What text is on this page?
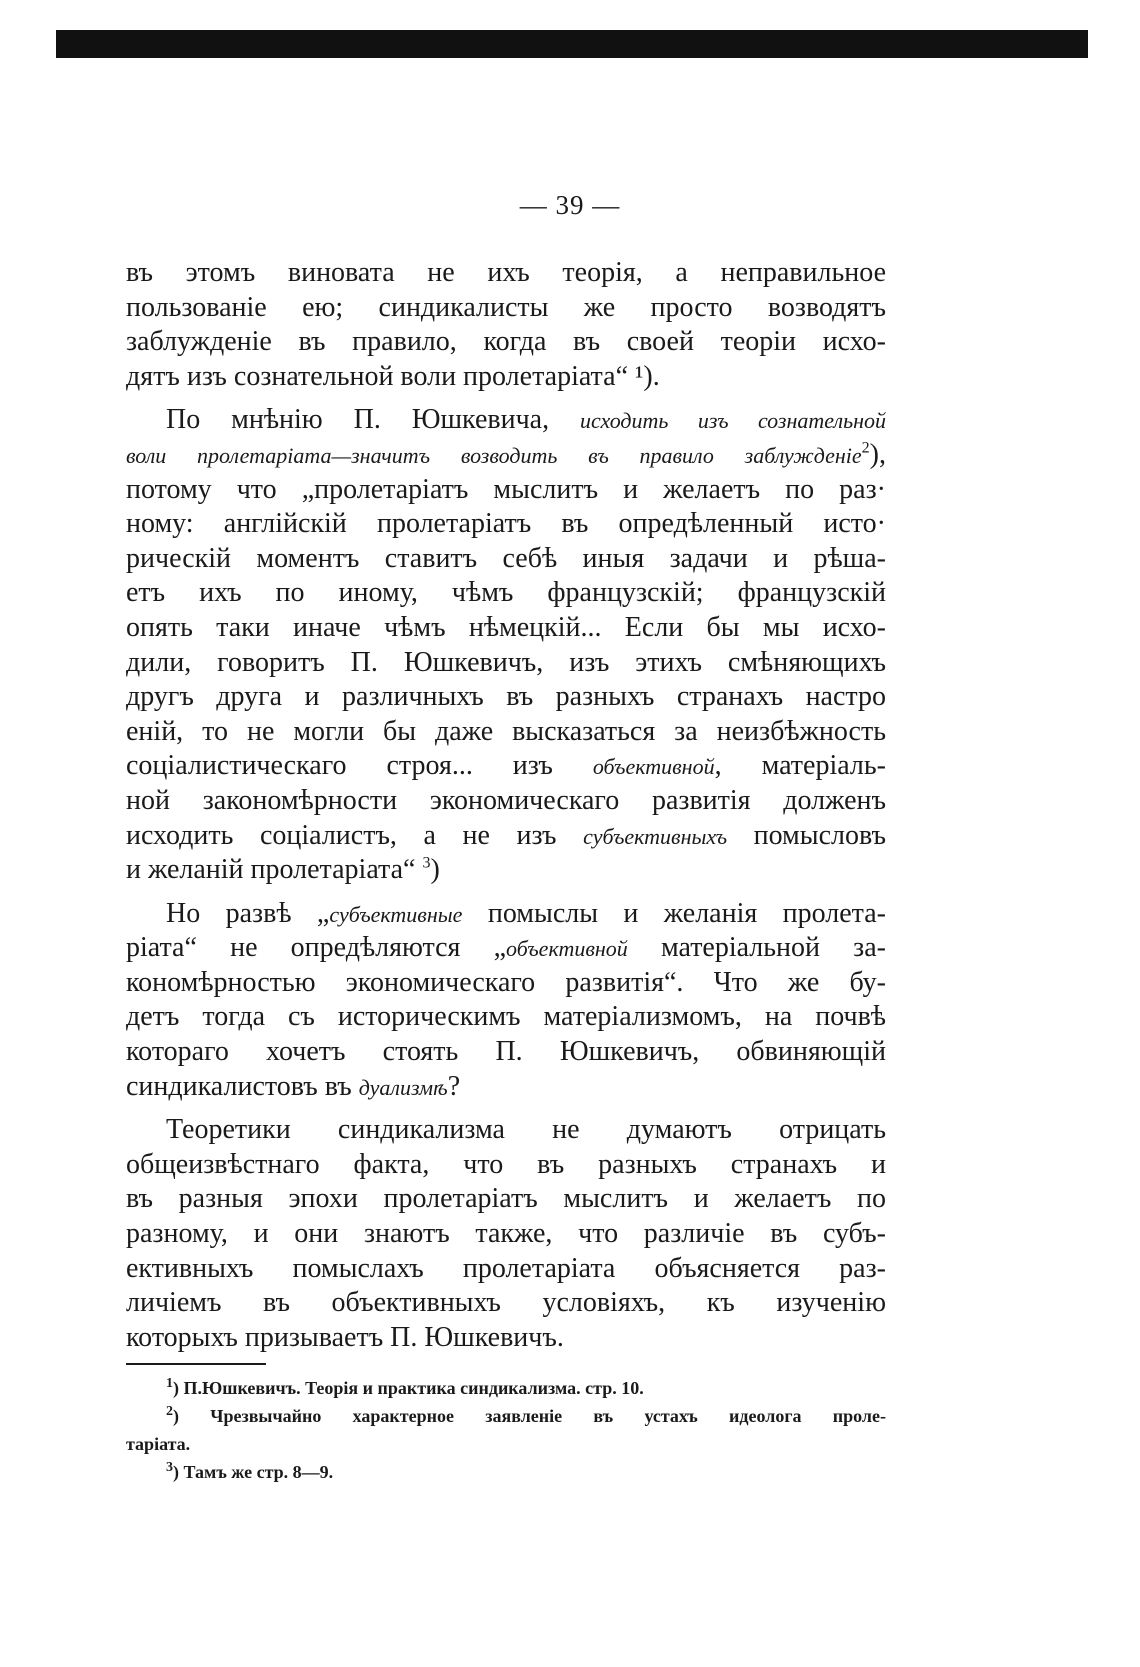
— 39 —
въ этомъ виновата не ихъ теорія, а неправильное
пользованіе ею; синдикалисты же просто возводятъ
заблужденіе въ правило, когда въ своей теоріи исхо-
дятъ изъ сознательной воли пролетаріата“ ¹).
По мнѣнію П. Юшкевича, исходить изъ сознательной
воли пролетаріата—значитъ возводить въ правило заблужденіе$^2$),
потому что „пролетаріатъ мыслитъ и желаетъ по раз·
ному: англійскій пролетаріатъ въ опредѣленный исто·
рическій моментъ ставитъ себѣ иныя задачи и рѣша-
етъ ихъ по иному, чѣмъ французскій; французскій
опять таки иначе чѣмъ нѣмецкій... Если бы мы исхо-
дили, говоритъ П. Юшкевичъ, изъ этихъ смѣняющихъ
другъ друга и различныхъ въ разныхъ странахъ настро
еній, то не могли бы даже высказаться за неизбѣжность
соціалистическаго строя... изъ объективной, матеріаль-
ной закономѣрности экономическаго развитія долженъ
исходить соціалистъ, а не изъ субъективныхъ помысловъ
и желаній пролетаріата“ $^3$)
Но развѣ „субъективные помыслы и желанія пролета-
ріата“ не опредѣляются „объективной матеріальной за-
кономѣрностью экономическаго развитія“. Что же бу-
детъ тогда съ историческимъ матеріализмомъ, на почвѣ
котораго хочетъ стоять П. Юшкевичъ, обвиняющій
синдикалистовъ въ дуализмѣ?
Теоретики синдикализма не думаютъ отрицать
общеизвѣстнаго факта, что въ разныхъ странахъ и
въ разныя эпохи пролетаріатъ мыслитъ и желаетъ по
разному, и они знаютъ также, что различіе въ субъ-
ективныхъ помыслахъ пролетаріата объясняется раз-
личіемъ въ объективныхъ условіяхъ, къ изученію
которыхъ призываетъ П. Юшкевичъ.
$^1$) П.Юшкевичъ. Теорія и практика синдикализма. стр. 10.
$^2$) Чрезвычайно характерное заявленіе въ устахъ идеолога проле-
таріата.
$^3$) Тамъ же стр. 8—9.
